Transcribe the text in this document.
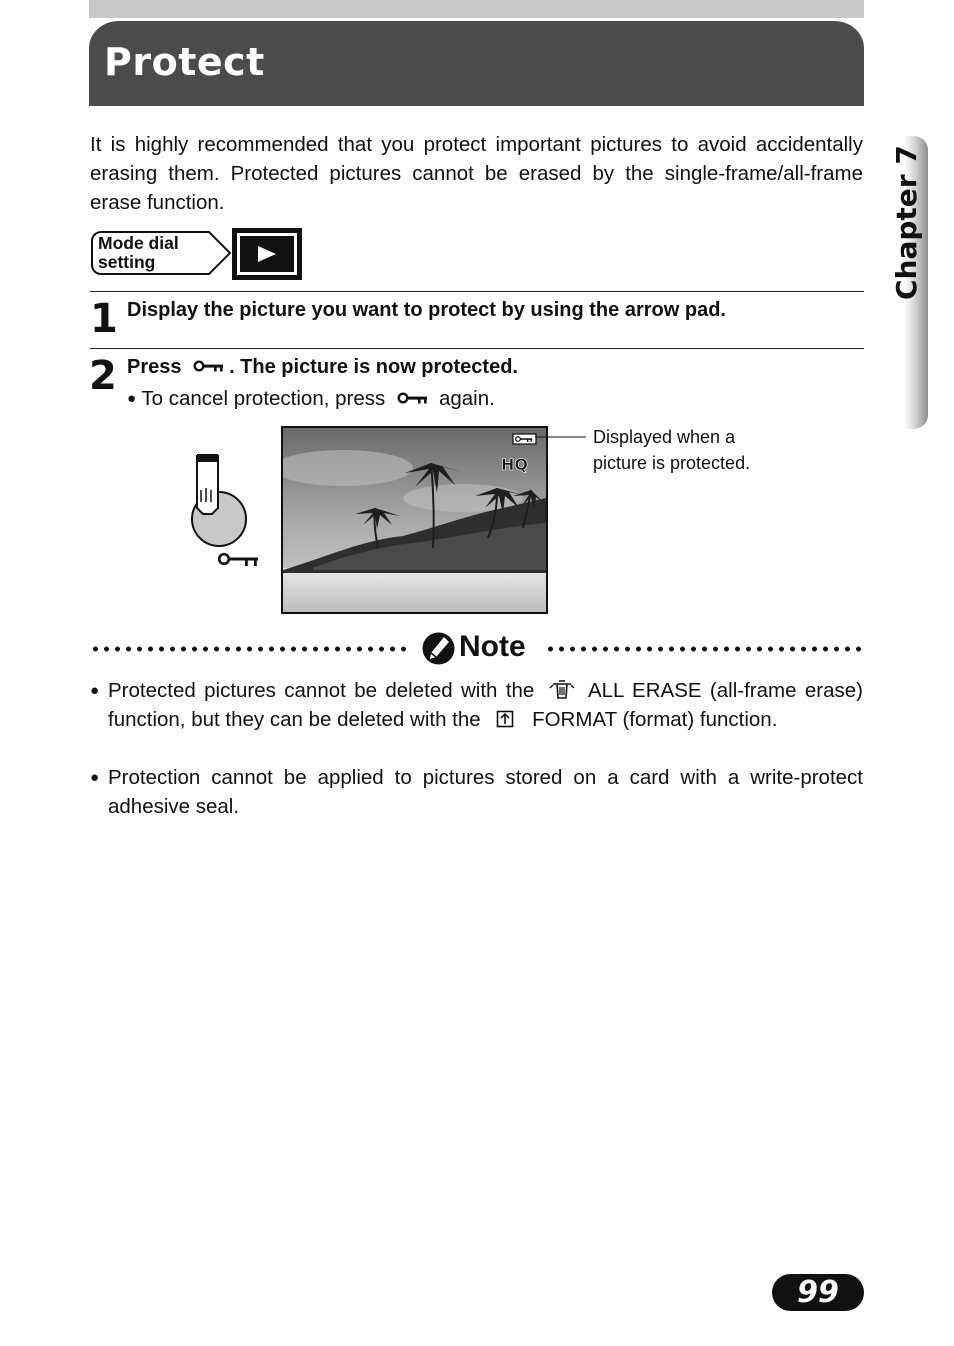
Protect
Chapter 7
It is highly recommended that you protect important pictures to avoid accidentally erasing them. Protected pictures cannot be erased by the single-frame/all-frame erase function.
Mode dial
setting
1 Display the picture you want to protect by using the arrow pad.
2 Press . The picture is now protected.
● To cancel protection, press	again.
HQ
Displayed when a
picture is protected.
Note
● Protected pictures cannot be deleted with the	ALL ERASE (all-frame erase) function, but they can be deleted with the	FORMAT (format) function.
● Protection cannot be applied to pictures stored on a card with a write-protect adhesive seal.
99
